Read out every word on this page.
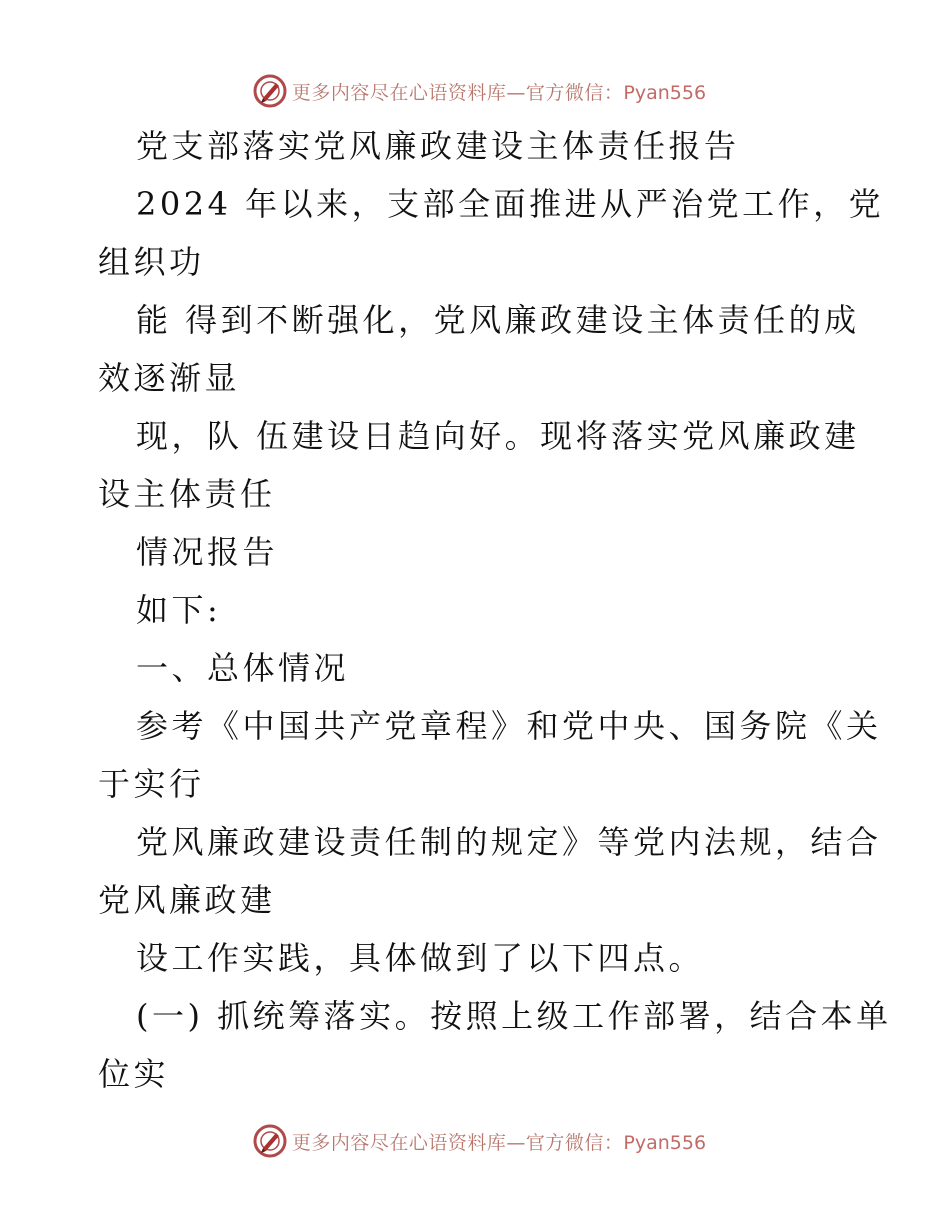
更多内容尽在心语资料库—官方微信：Pyan556
党支部落实党风廉政建设主体责任报告
2024 年以来，支部全面推进从严治党工作，党
组织功
能 得到不断强化，党风廉政建设主体责任的成
效逐渐显
现，队 伍建设日趋向好。现将落实党风廉政建
设主体责任
情况报告
如下:
一、总体情况
参考《中国共产党章程》和党中央、国务院《关
于实行
党风廉政建设责任制的规定》等党内法规，结合
党风廉政建
设工作实践，具体做到了以下四点。
(一) 抓统筹落实。按照上级工作部署，结合本单
位实
更多内容尽在心语资料库—官方微信：Pyan556
